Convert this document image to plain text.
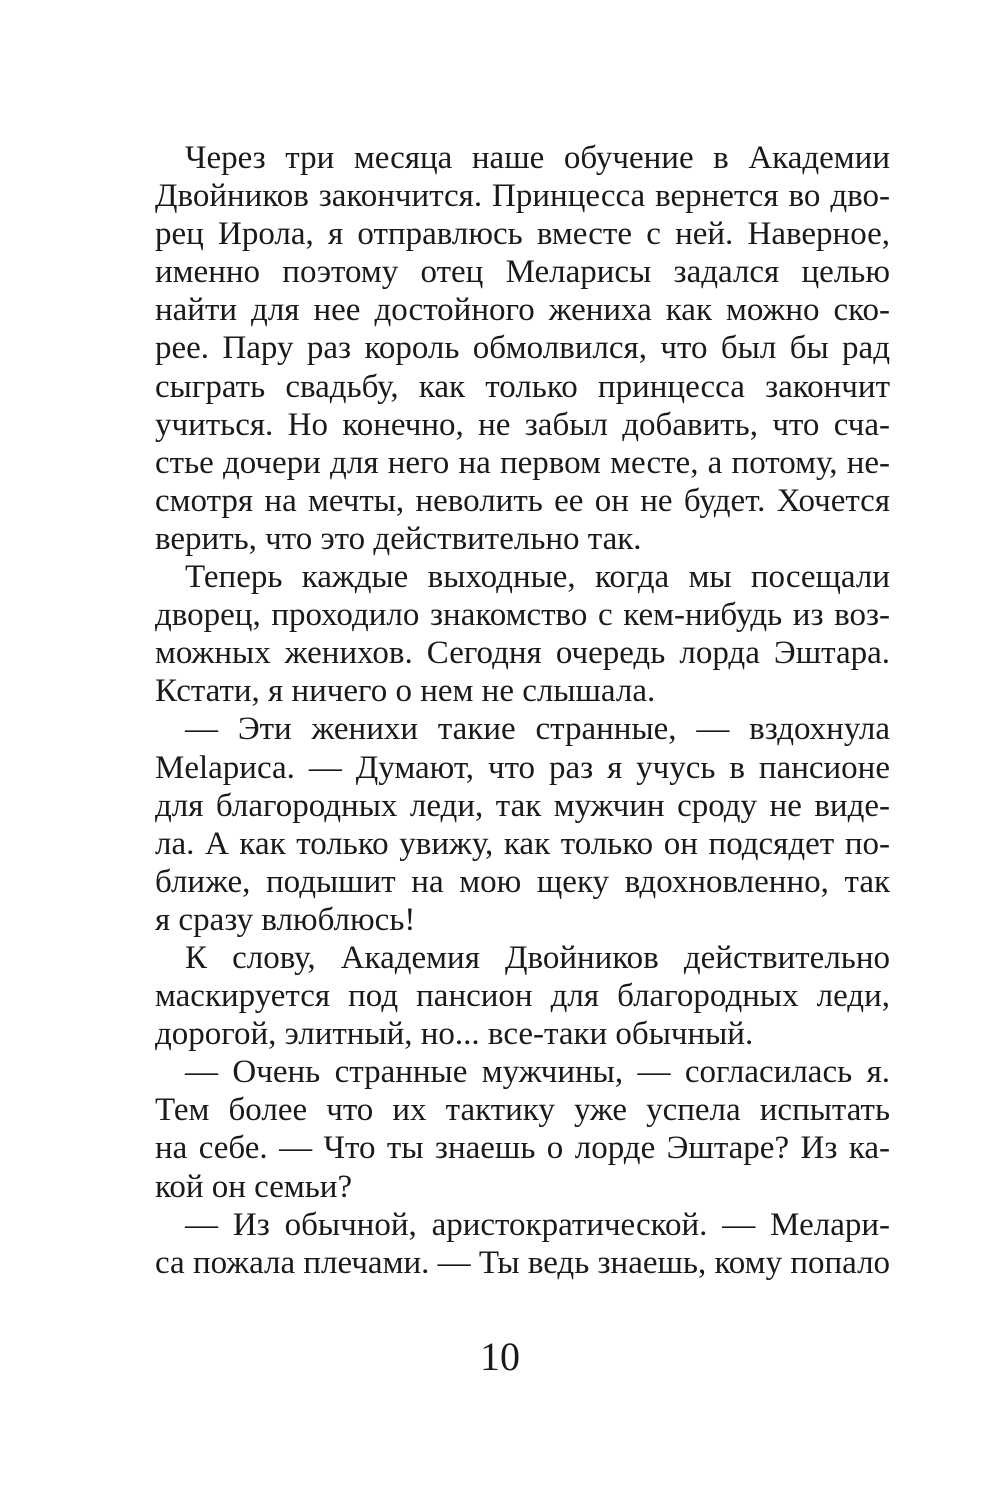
Через три месяца наше обучение в Академии
Двойников закончится. Принцесса вернется во дво-
рец Ирола, я отправлюсь вместе с ней. Наверное,
именно поэтому отец Меларисы задался целью
найти для нее достойного жениха как можно ско-
рее. Пару раз король обмолвился, что был бы рад
сыграть свадьбу, как только принцесса закончит
учиться. Но конечно, не забыл добавить, что сча-
стье дочери для него на первом месте, а потому, не-
смотря на мечты, неволить ее он не будет. Хочется
верить, что это действительно так.
Теперь каждые выходные, когда мы посещали
дворец, проходило знакомство с кем-нибудь из воз-
можных женихов. Сегодня очередь лорда Эштара.
Кстати, я ничего о нем не слышала.
— Эти женихи такие странные, — вздохнула
Melaриса. — Думают, что раз я учусь в пансионе
для благородных леди, так мужчин сроду не виде-
ла. А как только увижу, как только он подсядет по-
ближе, подышит на мою щеку вдохновленно, так
я сразу влюблюсь!
К слову, Академия Двойников действительно
маскируется под пансион для благородных леди,
дорогой, элитный, но... все-таки обычный.
— Очень странные мужчины, — согласилась я.
Тем более что их тактику уже успела испытать
на себе. — Что ты знаешь о лорде Эштаре? Из ка-
кой он семьи?
— Из обычной, аристократической. — Мелари-
са пожала плечами. — Ты ведь знаешь, кому попало
10
